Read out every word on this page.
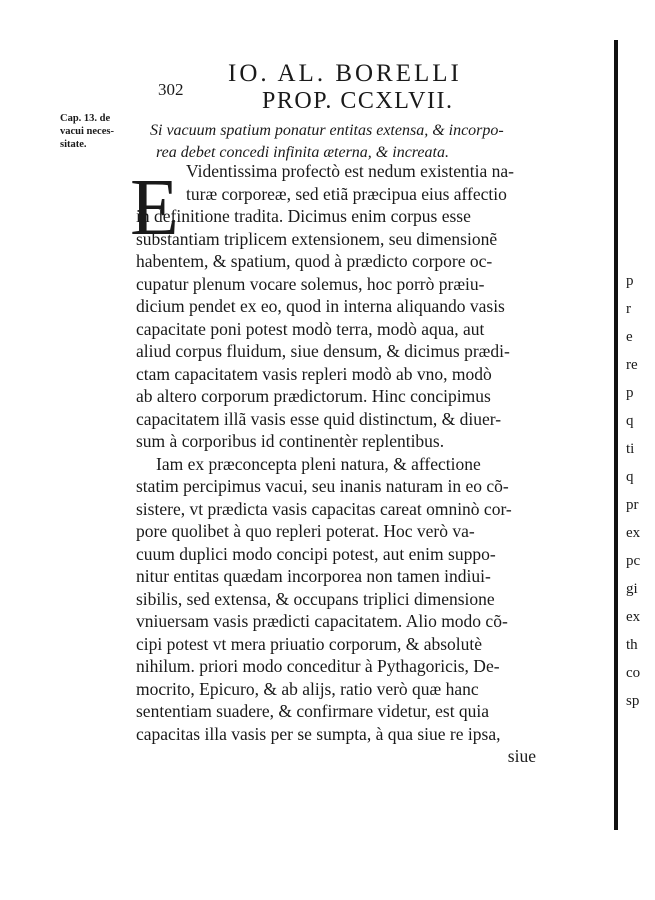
302
IO. AL. BORELLI
PROP. CCXLVII.
Cap. 13. de
vacui neces-
sitate.
Si vacuum spatium ponatur entitas extensa, & incorpo-
rea debet concedi infinita æterna, & increata.
E Videntissima profectò est nedum existentia na-
turæ corporeæ, sed etiã præcipua eius affectio
in definitione tradita. Dicimus enim corpus esse
substantiam triplicem extensionem, seu dimensionẽ
habentem, & spatium, quod à prædicto corpore oc-
cupatur plenum vocare solemus, hoc porrò præiu-
dicium pendet ex eo, quod in interna aliquando vasis
capacitate poni potest modò terra, modò aqua, aut
aliud corpus fluidum, siue densum, & dicimus prædi-
ctam capacitatem vasis repleri modò ab vno, modò
ab altero corporum prædictorum. Hinc concipimus
capacitatem illã vasis esse quid distinctum, & diuer-
sum à corporibus id continentèr replentibus.
Iam ex præconcepta pleni natura, & affectione
statim percipimus vacui, seu inanis naturam in eo cõ-
sistere, vt prædicta vasis capacitas careat omninò cor-
pore quolibet à quo repleri poterat. Hoc verò va-
cuum duplici modo concipi potest, aut enim suppo-
nitur entitas quædam incorporea non tamen indiui-
sibilis, sed extensa, & occupans triplici dimensione
vniuersam vasis prædicti capacitatem. Alio modo cõ-
cipi potest vt mera priuatio corporum, & absolutè
nihilum. priori modo conceditur à Pythagoricis, De-
mocrito, Epicuro, & ab alijs, ratio verò quæ hanc
sententiam suadere, & confirmare videtur, est quia
capacitas illa vasis per se sumpta, à qua siue re ipsa,
siue
p
r
e
re
p
q
ti
q
pr
ex
pc
gi
ex
th
co
sp
